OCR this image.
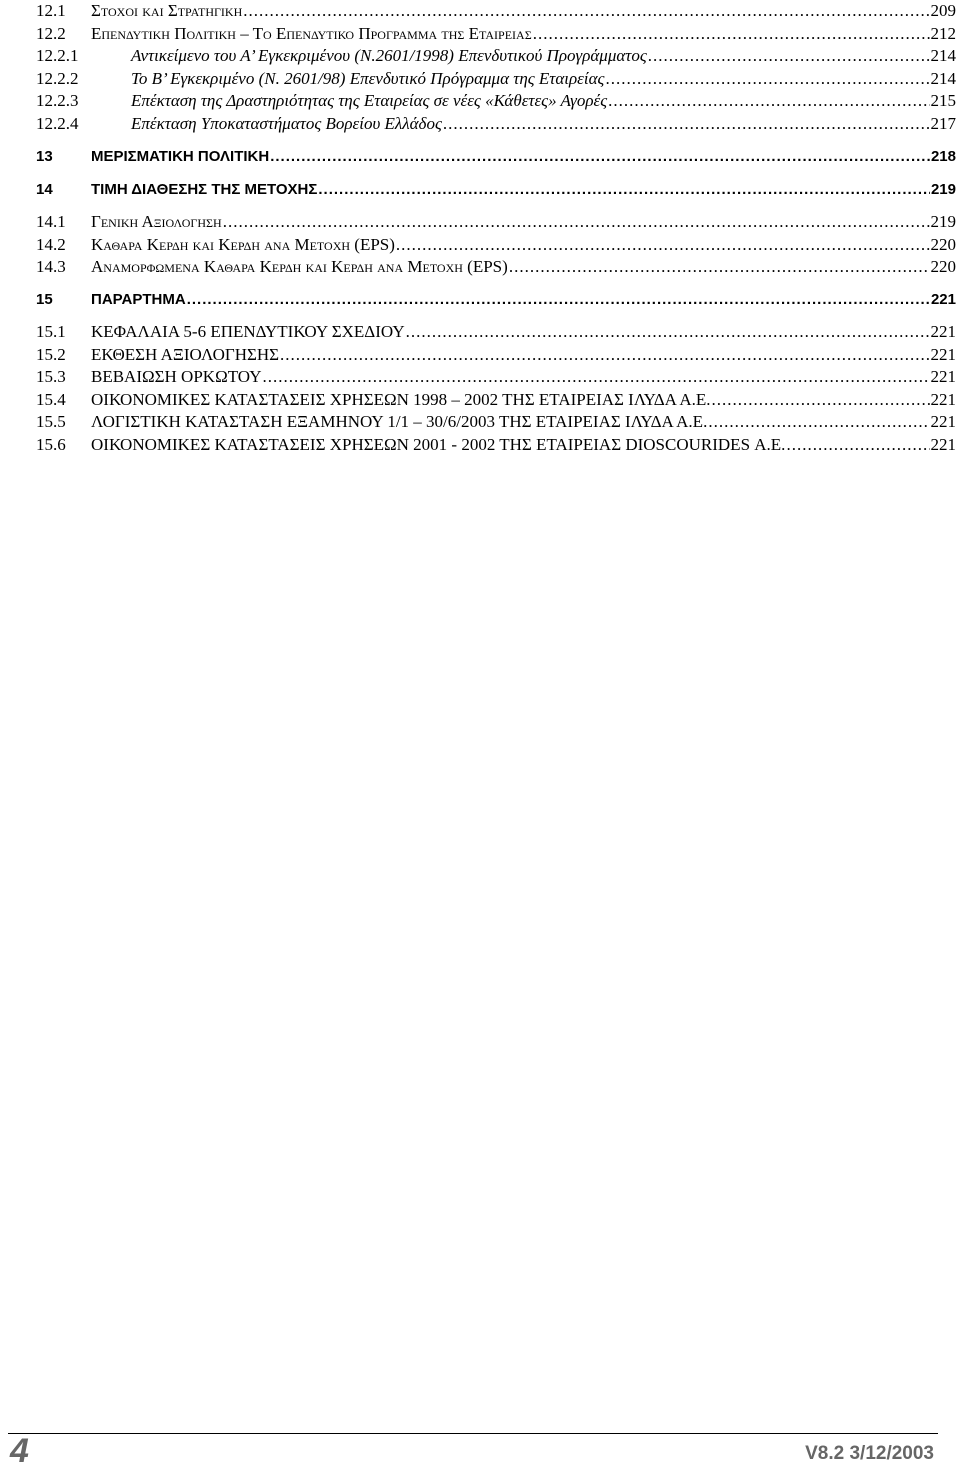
12.1	Στοχοι και Στρατηγικη .....	209
12.2	Επενδυτικη Πολιτικη – Το Επενδυτικο Προγραμμα της Εταιρειας .....	212
12.2.1	Αντικείμενο του Α’ Εγκεκριμένου (Ν.2601/1998) Επενδυτικού Προγράμματος .....	214
12.2.2	Το Β’ Εγκεκριμένο (Ν. 2601/98) Επενδυτικό Πρόγραμμα της Εταιρείας .....	214
12.2.3	Επέκταση της Δραστηριότητας της Εταιρείας σε νέες «Κάθετες» Αγορές .....	215
12.2.4	Επέκταση Υποκαταστήματος Βορείου Ελλάδος .....	217
13	ΜΕΡΙΣΜΑΤΙΚΗ ΠΟΛΙΤΙΚΗ .....	218
14	ΤΙΜΗ ΔΙΑΘΕΣΗΣ ΤΗΣ ΜΕΤΟΧΗΣ .....	219
14.1	Γενικη Αξιολογηση .....	219
14.2	Καθαρα Κερδη και Κερδη ανα Μετοχη (EPS) .....	220
14.3	Αναμορφωμενα Καθαρα Κερδη και Κερδη ανα Μετοχη (EPS) .....	220
15	ΠΑΡΑΡΤΗΜΑ .....	221
15.1	ΚΕΦΑΛΑΙΑ 5-6 ΕΠΕΝΔΥΤΙΚΟΥ ΣΧΕΔΙΟΥ .....	221
15.2	ΕΚΘΕΣΗ ΑΞΙΟΛΟΓΗΣΗΣ .....	221
15.3	ΒΕΒΑΙΩΣΗ ΟΡΚΩΤΟΥ .....	221
15.4	ΟΙΚΟΝΟΜΙΚΕΣ ΚΑΤΑΣΤΑΣΕΙΣ ΧΡΗΣΕΩΝ 1998 – 2002 ΤΗΣ ΕΤΑΙΡΕΙΑΣ ΙΛΥΔΑ Α.Ε. .....	221
15.5	ΛΟΓΙΣΤΙΚΗ ΚΑΤΑΣΤΑΣΗ ΕΞΑΜΗΝΟΥ 1/1 – 30/6/2003 ΤΗΣ ΕΤΑΙΡΕΙΑΣ ΙΛΥΔΑ Α.Ε. .....	221
15.6	ΟΙΚΟΝΟΜΙΚΕΣ ΚΑΤΑΣΤΑΣΕΙΣ ΧΡΗΣΕΩΝ 2001 - 2002 ΤΗΣ ΕΤΑΙΡΕΙΑΣ DIOSCOURIDES Α.Ε. .....	221
4	V8.2 3/12/2003
